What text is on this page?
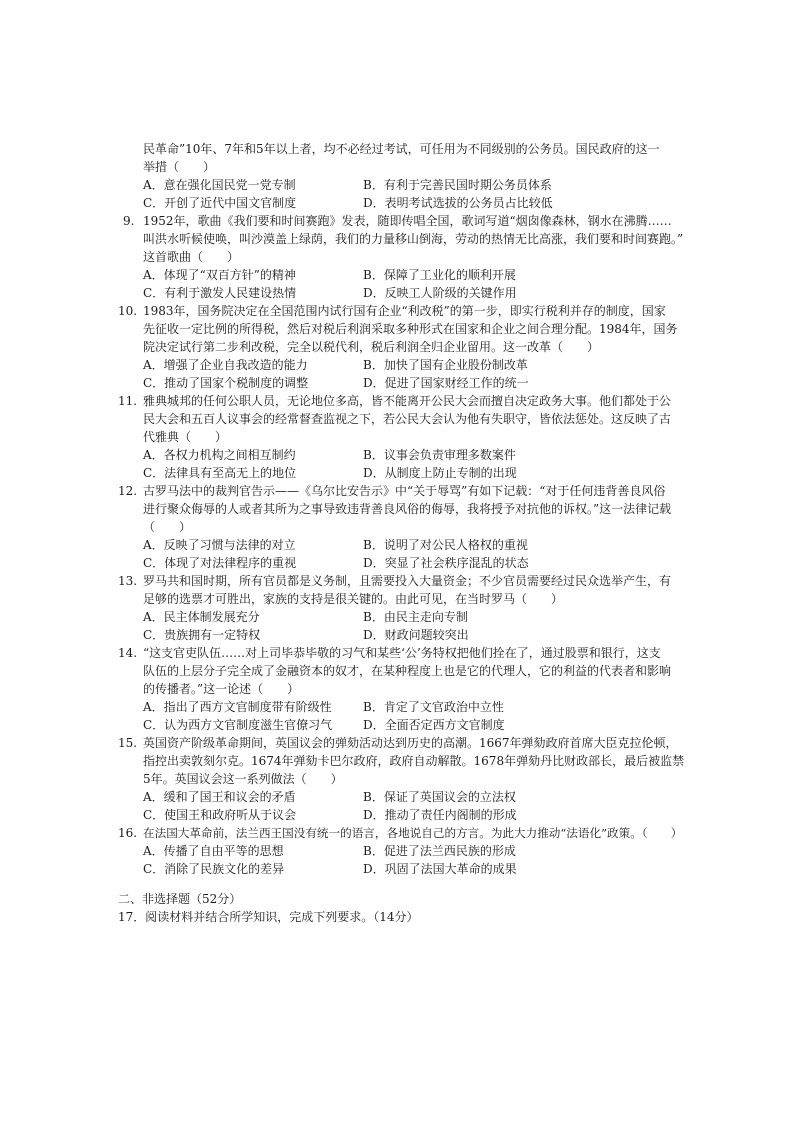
民革命”10年、7年和5年以上者，均不必经过考试，可任用为不同级别的公务员。国民政府的这一
举措（　　）
A．意在强化国民党一党专制	B．有利于完善民国时期公务员体系
C．开创了近代中国文官制度	D．表明考试选拔的公务员占比较低
9. 1952年，歌曲《我们要和时间赛跑》发表，随即传唱全国，歌词写道“烟囱像森林，钢水在沸腾……
叫洪水听候使唤，叫沙漠盖上绿荫，我们的力量移山倒海，劳动的热情无比高涨，我们要和时间赛跑。”
这首歌曲（　　）
A．体现了“双百方针”的精神	B．保障了工业化的顺利开展
C．有利于激发人民建设热情	D．反映工人阶级的关键作用
10. 1983年，国务院决定在全国范围内试行国有企业“利改税”的第一步，即实行税利并存的制度，国家
先征收一定比例的所得税，然后对税后利润采取多种形式在国家和企业之间合理分配。1984年，国务
院决定试行第二步利改税，完全以税代利，税后利润全归企业留用。这一改革（　　）
A．增强了企业自我改造的能力	B．加快了国有企业股份制改革
C．推动了国家个税制度的调整	D．促进了国家财经工作的统一
11. 雅典城邦的任何公职人员，无论地位多高，皆不能离开公民大会而擅自决定政务大事。他们都处于公
民大会和五百人议事会的经常督查监视之下，若公民大会认为他有失职守，皆依法惩处。这反映了古
代雅典（　　）
A．各权力机构之间相互制约	B．议事会负责审理多数案件
C．法律具有至高无上的地位	D．从制度上防止专制的出现
12. 古罗马法中的裁判官告示——《乌尔比安告示》中“关于辱骂”有如下记载：“对于任何违背善良风俗
进行聚众侮辱的人或者其所为之事导致违背善良风俗的侮辱，我将授予对抗他的诉权。”这一法律记载
（　　）
A．反映了习惯与法律的对立	B．说明了对公民人格权的重视
C．体现了对法律程序的重视	D．突显了社会秩序混乱的状态
13. 罗马共和国时期，所有官员都是义务制，且需要投入大量资金；不少官员需要经过民众选举产生，有
足够的选票才可胜出，家族的支持是很关键的。由此可见，在当时罗马（　　）
A．民主体制发展充分	B．由民主走向专制
C．贵族拥有一定特权	D．财政问题较突出
14. “这支官吏队伍……对上司毕恭毕敬的习气和某些‘公’务特权把他们拴在了，通过股票和银行，这支
队伍的上层分子完全成了金融资本的奴才，在某种程度上也是它的代理人，它的利益的代表者和影响
的传播者。”这一论述（　　）
A．指出了西方文官制度带有阶级性	B．肯定了文官政治中立性
C．认为西方文官制度滋生官僚习气	D．全面否定西方文官制度
15. 英国资产阶级革命期间，英国议会的弹劾活动达到历史的高潮。1667年弹劾政府首席大臣克拉伦顿，
指控出卖敦刻尔克。1674年弹劾卡巴尔政府，政府自动解散。1678年弹劾丹比财政部长，最后被监禁
5年。英国议会这一系列做法（　　）
A．缓和了国王和议会的矛盾	B．保证了英国议会的立法权
C．使国王和政府听从于议会	D．推动了责任内阁制的形成
16. 在法国大革命前，法兰西王国没有统一的语言，各地说自己的方言。为此大力推动“法语化”政策。（　　）
A．传播了自由平等的思想	B．促进了法兰西民族的形成
C．消除了民族文化的差异	D．巩固了法国大革命的成果
二、非选择题（52分）
17．阅读材料并结合所学知识，完成下列要求。（14分）
